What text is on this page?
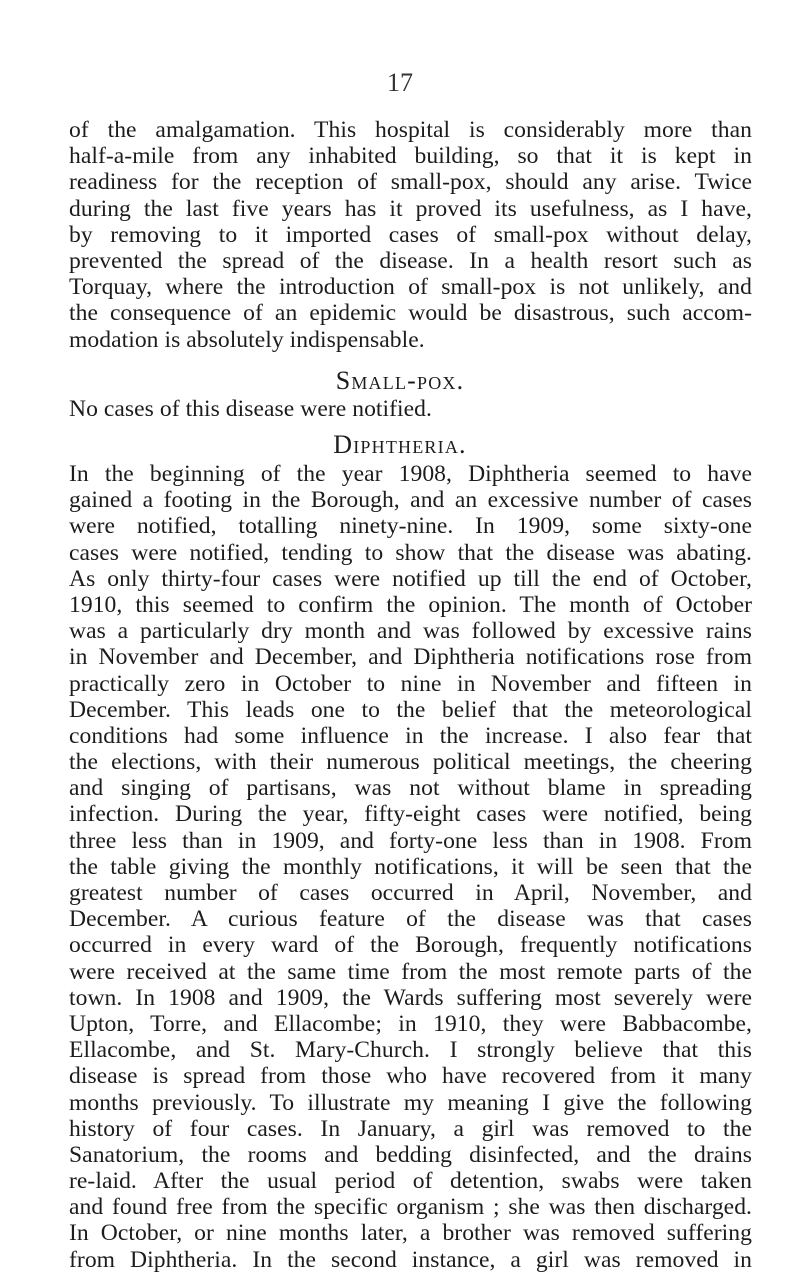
17
of the amalgamation. This hospital is considerably more than
half-a-mile from any inhabited building, so that it is kept in
readiness for the reception of small-pox, should any arise. Twice
during the last five years has it proved its usefulness, as I have,
by removing to it imported cases of small-pox without delay,
prevented the spread of the disease. In a health resort such as
Torquay, where the introduction of small-pox is not unlikely, and
the consequence of an epidemic would be disastrous, such accom-
modation is absolutely indispensable.
Small-pox.
No cases of this disease were notified.
Diphtheria.
In the beginning of the year 1908, Diphtheria seemed to have
gained a footing in the Borough, and an excessive number of cases
were notified, totalling ninety-nine. In 1909, some sixty-one
cases were notified, tending to show that the disease was abating.
As only thirty-four cases were notified up till the end of October,
1910, this seemed to confirm the opinion. The month of October
was a particularly dry month and was followed by excessive rains
in November and December, and Diphtheria notifications rose from
practically zero in October to nine in November and fifteen in
December. This leads one to the belief that the meteorological
conditions had some influence in the increase. I also fear that
the elections, with their numerous political meetings, the cheering
and singing of partisans, was not without blame in spreading
infection. During the year, fifty-eight cases were notified, being
three less than in 1909, and forty-one less than in 1908. From
the table giving the monthly notifications, it will be seen that the
greatest number of cases occurred in April, November, and
December. A curious feature of the disease was that cases
occurred in every ward of the Borough, frequently notifications
were received at the same time from the most remote parts of the
town. In 1908 and 1909, the Wards suffering most severely were
Upton, Torre, and Ellacombe; in 1910, they were Babbacombe,
Ellacombe, and St. Mary-Church. I strongly believe that this
disease is spread from those who have recovered from it many
months previously. To illustrate my meaning I give the following
history of four cases. In January, a girl was removed to the
Sanatorium, the rooms and bedding disinfected, and the drains
re-laid. After the usual period of detention, swabs were taken
and found free from the specific organism ; she was then discharged.
In October, or nine months later, a brother was removed suffering
from Diphtheria. In the second instance, a girl was removed in
